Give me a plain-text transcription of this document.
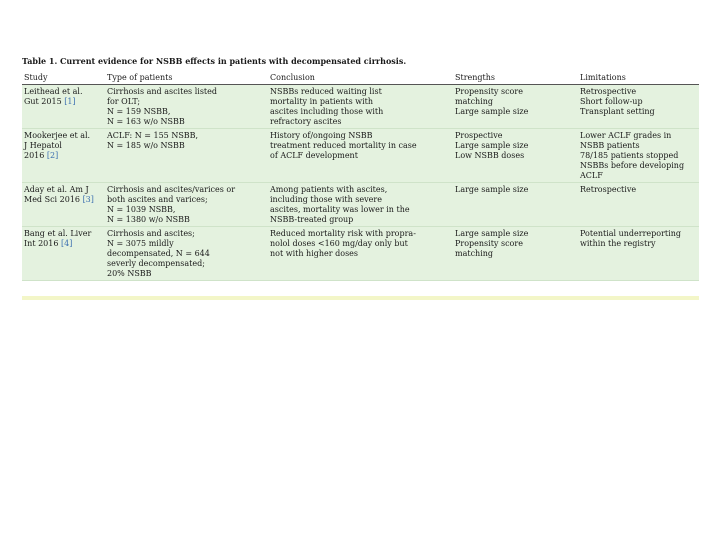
Table 1. Current evidence for NSBB effects in patients with decompensated cirrhosis.
Study	Type of patients	Conclusion	Strengths	Limitations

Leithead et al.
Gut 2015 [1]	Cirrhosis and ascites listed
for OLT;
N = 159 NSBB,
N = 163 w/o NSBB	NSBBs reduced waiting list
mortality in patients with
ascites including those with
refractory ascites	Propensity score
matching
Large sample size	Retrospective
Short follow-up
Transplant setting

Mookerjee et al.
J Hepatol
2016 [2]	ACLF: N = 155 NSBB,
N = 185 w/o NSBB	History of/ongoing NSBB
treatment reduced mortality in case
of ACLF development	Prospective
Large sample size
Low NSBB doses	Lower ACLF grades in
NSBB patients
78/185 patients stopped
NSBBs before developing
ACLF

Aday et al. Am J
Med Sci 2016 [3]	Cirrhosis and ascites/varices or
both ascites and varices;
N = 1039 NSBB,
N = 1380 w/o NSBB	Among patients with ascites,
including those with severe
ascites, mortality was lower in the
NSBB-treated group	Large sample size	Retrospective

Bang et al. Liver
Int 2016 [4]	Cirrhosis and ascites;
N = 3075 mildly
decompensated, N = 644
severly decompensated;
20% NSBB	Reduced mortality risk with propra-
nolol doses <160 mg/day only but
not with higher doses	Large sample size
Propensity score
matching	Potential underreporting
within the registry
